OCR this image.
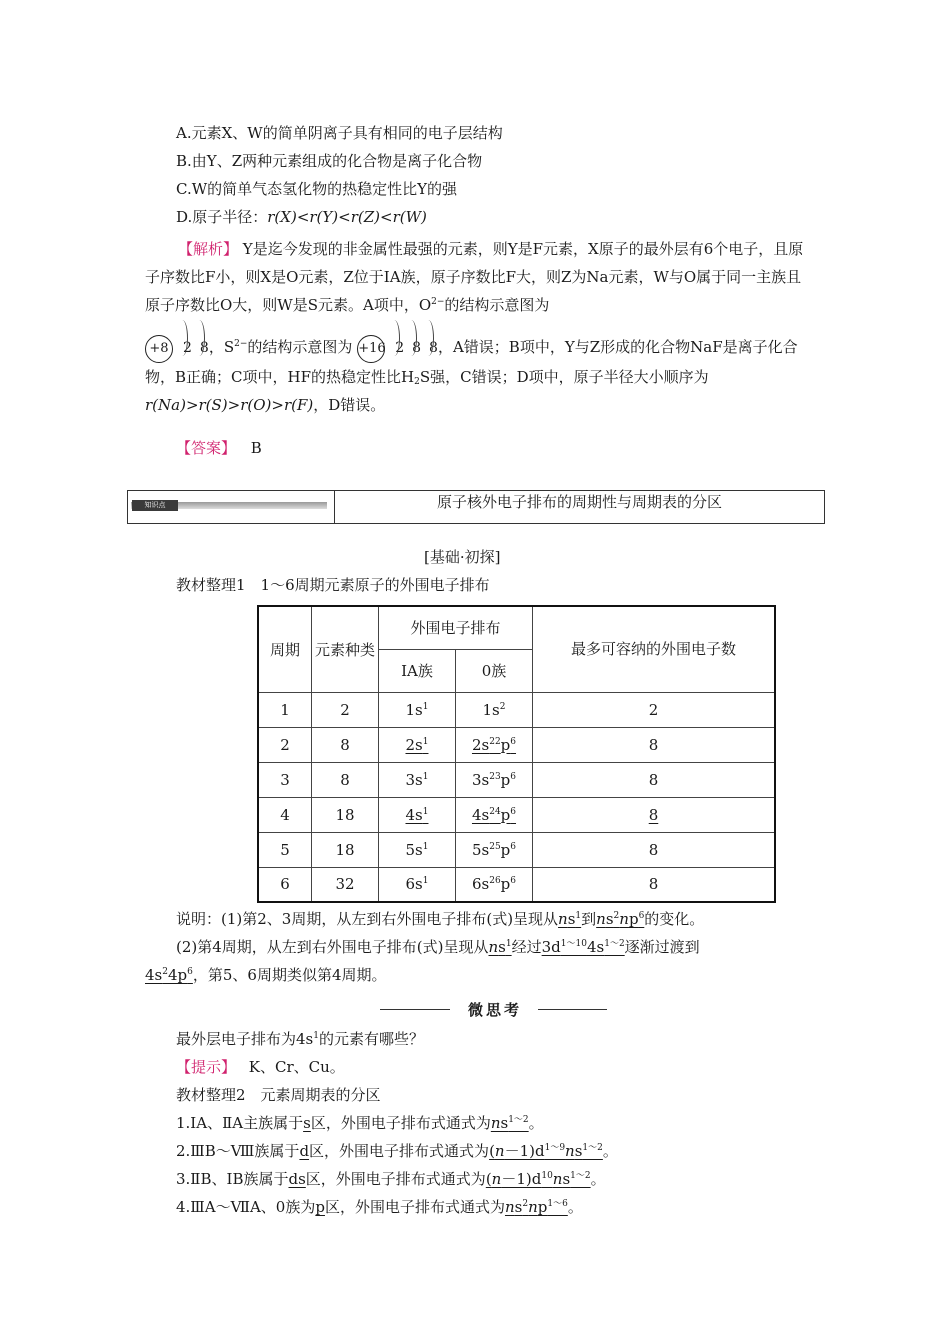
A.元素X、W的简单阴离子具有相同的电子层结构
B.由Y、Z两种元素组成的化合物是离子化合物
C.W的简单气态氢化物的热稳定性比Y的强
D.原子半径：r(X)<r(Y)<r(Z)<r(W)
【解析】 Y是迄今发现的非金属性最强的元素，则Y是F元素，X原子的最外层有6个电子，且原子序数比F小，则X是O元素，Z位于ⅠA族，原子序数比F大，则Z为Na元素，W与O属于同一主族且原子序数比O大，则W是S元素。A项中，$O^{2-}$的结构示意图为
+8 2 8，$S^{2-}$的结构示意图为 +16 2 8 8，A错误；B项中，Y与Z形成的化合物NaF是离子化合物，B正确；C项中，HF的热稳定性比$H_2S$强，C错误；D项中，原子半径大小顺序为r(Na)>r(S)>r(O)>r(F)，D错误。
【答案】 B
知识点	原子核外电子排布的周期性与周期表的分区
[基础·初探]
教材整理1　1～6周期元素原子的外围电子排布
周期	元素种类	外围电子排布		最多可容纳的外围电子数
		ⅠA族	0族	
1	2	$1s^1$	$1s^2$	2
2	8	$2s^1$	$2s^{22}p^6$	8
3	8	$3s^1$	$3s^{23}p^6$	8
4	18	$4s^1$	$4s^{24}p^6$	8
5	18	$5s^1$	$5s^{25}p^6$	8
6	32	$6s^1$	$6s^{26}p^6$	8
说明：(1)第2、3周期，从左到右外围电子排布(式)呈现从$ns^1$到$ns^2np^6$的变化。
(2)第4周期，从左到右外围电子排布(式)呈现从$ns^1$经过$3d^{1\sim 10}4s^{1\sim 2}$逐渐过渡到
$4s^24p^6$，第5、6周期类似第4周期。
微思考
最外层电子排布为$4s^1$的元素有哪些？
【提示】 K、Cr、Cu。
教材整理2　元素周期表的分区
1.ⅠA、ⅡA主族属于s区，外围电子排布式通式为$ns^{1\sim 2}$。
2.ⅢB～Ⅷ族属于d区，外围电子排布式通式为$(n-1)d^{1\sim 9}ns^{1\sim 2}$。
3.ⅡB、ⅠB族属于ds区，外围电子排布式通式为$(n-1)d^{10}ns^{1\sim 2}$。
4.ⅢA～ⅦA、0族为p区，外围电子排布式通式为$ns^2np^{1\sim 6}$。
